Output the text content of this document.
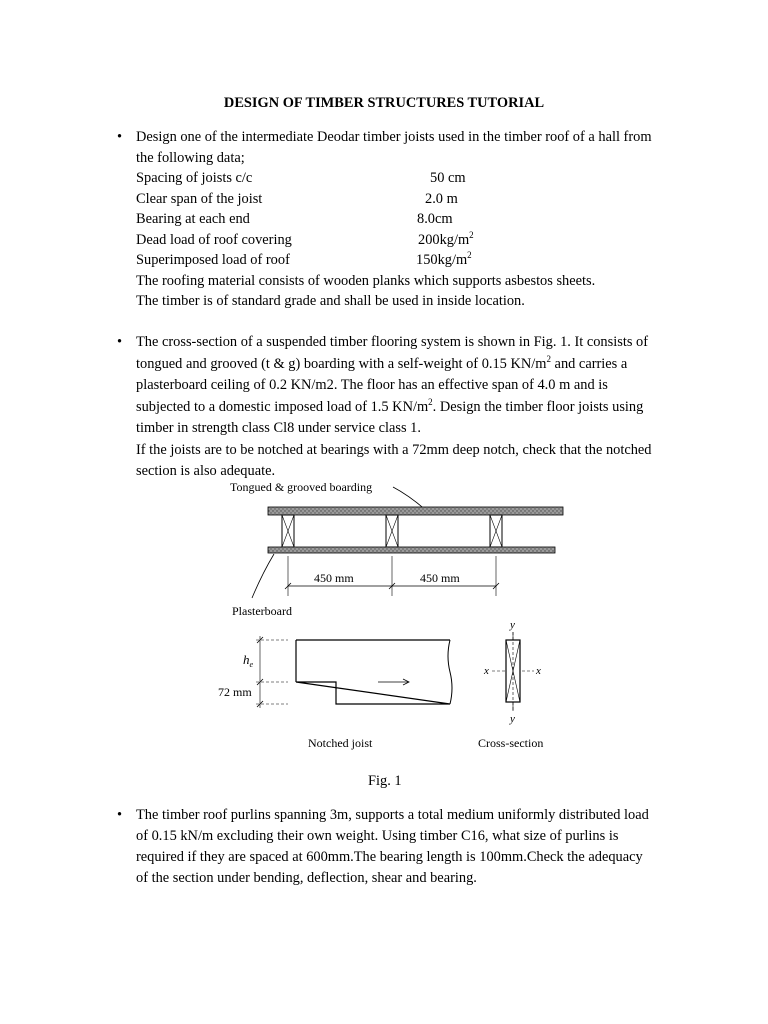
DESIGN OF TIMBER STRUCTURES TUTORIAL
• Design one of the intermediate Deodar timber joists used in the timber roof of a hall from
the following data;
Spacing of joists c/c	50 cm
Clear span of the joist	2.0 m
Bearing at each end	8.0cm
Dead load of roof covering	$200kg/m^2$
Superimposed load of roof	$150kg/m^2$
The roofing material consists of wooden planks which supports asbestos sheets.
The timber is of standard grade and shall be used in inside location.
• The cross-section of a suspended timber flooring system is shown in Fig. 1. It consists of
tongued and grooved (t & g) boarding with a self-weight of 0.15 $KN/m^2$ and carries a
plasterboard ceiling of 0.2 KN/m2. The floor has an effective span of 4.0 m and is
subjected to a domestic imposed load of 1.5 $KN/m^2$. Design the timber floor joists using
timber in strength class Cl8 under service class 1.
If the joists are to be notched at bearings with a 72mm deep notch, check that the notched
section is also adequate.
Tongued & grooved boarding
450 mm	450 mm
Plasterboard
$h_e$
72 mm
y
y
x	x
Notched joist	Cross-section
Fig. 1
• The timber roof purlins spanning 3m, supports a total medium uniformly distributed load
of 0.15 kN/m excluding their own weight. Using timber C16, what size of purlins is
required if they are spaced at 600mm.The bearing length is 100mm.Check the adequacy
of the section under bending, deflection, shear and bearing.
